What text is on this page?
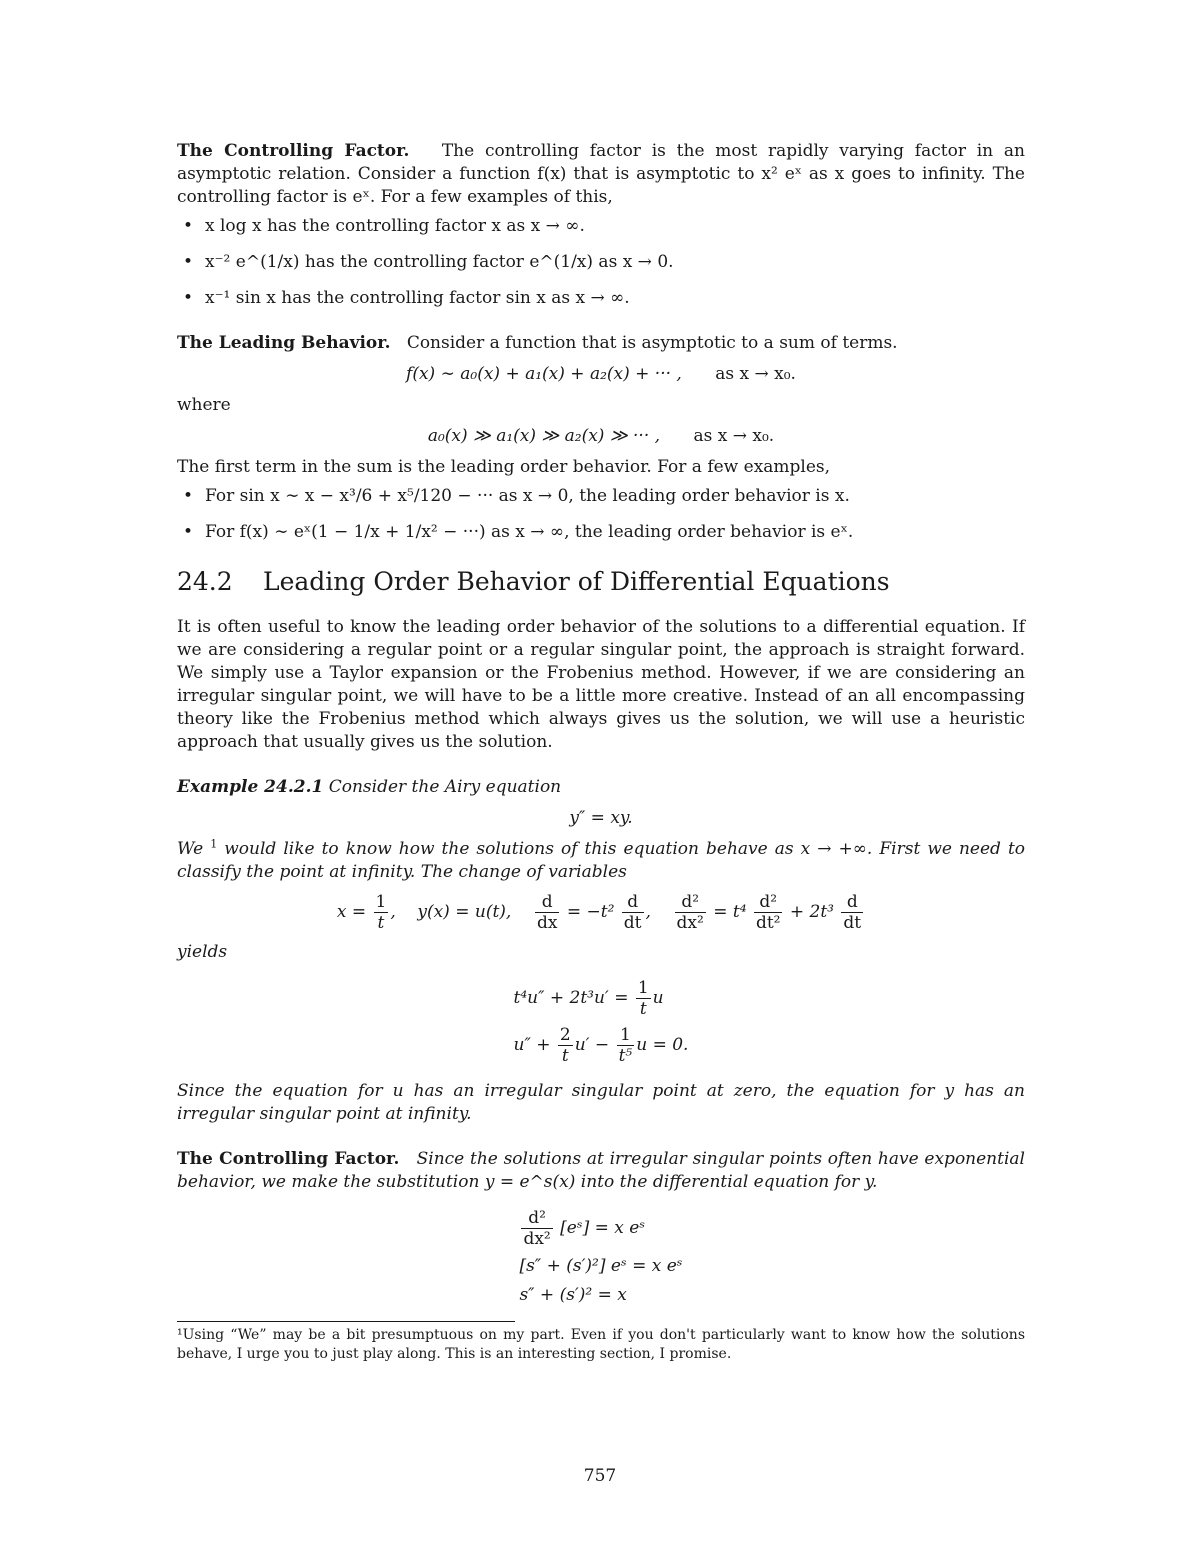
The Controlling Factor. The controlling factor is the most rapidly varying factor in an asymptotic relation. Consider a function f(x) that is asymptotic to x² eˣ as x goes to infinity. The controlling factor is eˣ. For a few examples of this,

• x log x has the controlling factor x as x → ∞.
• x⁻² e^(1/x) has the controlling factor e^(1/x) as x → 0.
• x⁻¹ sin x has the controlling factor sin x as x → ∞.

The Leading Behavior. Consider a function that is asymptotic to a sum of terms.

f(x) ∼ a₀(x) + a₁(x) + a₂(x) + ··· , as x → x₀.

where

a₀(x) ≫ a₁(x) ≫ a₂(x) ≫ ··· , as x → x₀.

The first term in the sum is the leading order behavior. For a few examples,

• For sin x ∼ x − x³/6 + x⁵/120 − ··· as x → 0, the leading order behavior is x.
• For f(x) ∼ eˣ(1 − 1/x + 1/x² − ···) as x → ∞, the leading order behavior is eˣ.
24.2 Leading Order Behavior of Differential Equations

It is often useful to know the leading order behavior of the solutions to a differential equation. If we are considering a regular point or a regular singular point, the approach is straight forward. We simply use a Taylor expansion or the Frobenius method. However, if we are considering an irregular singular point, we will have to be a little more creative. Instead of an all encompassing theory like the Frobenius method which always gives us the solution, we will use a heuristic approach that usually gives us the solution.

Example 24.2.1 Consider the Airy equation

y″ = xy.

We $^1$ would like to know how the solutions of this equation behave as x → +∞. First we need to classify the point at infinity. The change of variables

$x = \frac{1}{t}$ ,    y(x) = u(t), $\frac{d}{dx} = -t^2 \frac{d}{dt}$ , $\frac{\text{d²}}{\text{dx²}} = t^4 \frac{\text{d²}}{\text{dt²}} + 2t^3 \frac{d}{dt}$

yields

$t^4u'' + 2t^3u' = \frac{1}{t}$ u
$u'' + \frac{2}{t} u' - \frac{1}{\text{t⁵}}$ u = 0.

Since the equation for u has an irregular singular point at zero, the equation for y has an irregular singular point at infinity.

The Controlling Factor. Since the solutions at irregular singular points often have exponential behavior, we make the substitution y = e^s(x) into the differential equation for y.

$\frac{\text{d²}}{\text{dx²}}$ [eˢ] = x eˢ
[s″ + (s′)²] eˢ = x eˢ
s″ + (s′)² = x

¹Using “We” may be a bit presumptuous on my part. Even if you don't particularly want to know how the solutions behave, I urge you to just play along. This is an interesting section, I promise.

757
